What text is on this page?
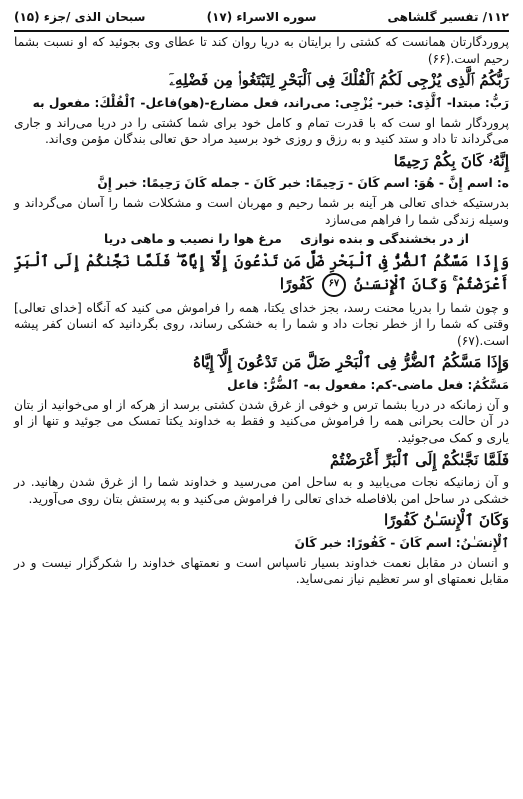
۱۱۲/ تفسیر گلشاهی
سوره الاسراء (۱۷)
سبحان الذی /جزء (۱۵)

پروردگارتان همانست که کشتی را برایتان به دریا روان کند تا عطای وی بجوئید که او نسبت بشما رحیم است.(۶۶)

رَبُّكُمُ ٱلَّذِى يُزْجِى لَكُمُ ٱلْفُلْكَ فِى ٱلْبَحْرِ لِتَبْتَغُوا۟ مِن فَضْلِهِۦٓ

رَبُّ: مبتدا- ٱلَّذِى: خبر- يُزْجِى: می‌راند، فعل مضارع-(هو)فاعل- ٱلْفُلْكَ: مفعول به

پروردگار شما او ست که با قدرت تمام و کامل خود برای شما کشتی را در دریا می‌راند و جاری می‌گرداند تا داد و ستد کنید و به رزق و روزی خود برسید مراد حق تعالی بندگان مؤمن وی‌اند.

إِنَّهُۥ كَانَ بِكُمْ رَحِيمًا

ه: اسم إِنَّ - هُوَ: اسم كَانَ - رَحِيمًا: خبر كَانَ - جمله كَانَ رَحِيمًا: خبر إِنَّ

بدرستیکه خدای تعالی هر آینه بر شما رحیم و مهربان است و مشکلات شما را آسان می‌گرداند و وسیله زندگی شما را فراهم می‌سازد

از در بخشندگی و بنده نوازی
مرغ هوا را نصیب و ماهی دریا
وَإِذَا مَسَّكُمُ ٱلضُّرُّ فِى ٱلْبَحْرِ ضَلَّ مَن تَدْعُونَ إِلَّآ إِيَّاهُ ۖ فَلَمَّا نَجَّىٰكُمْ إِلَى ٱلْبَرِّ أَعْرَضْتُمْ ۚ وَكَانَ ٱلْإِنسَـٰنُ ۶۷ كَفُورًا

و چون شما را بدریا محنت رسد، بجز خدای یکتا، همه را فراموش می کنید که آنگاه [خدای تعالی] وقتی که شما را از خطر نجات داد و شما را به خشکی رساند، روی بگردانید که انسان کفر پیشه است.(۶۷)

وَإِذَا مَسَّكُمُ ٱلضُّرُّ فِى ٱلْبَحْرِ ضَلَّ مَن تَدْعُونَ إِلَّآ إِيَّاهُ

مَسَّكُمُ: فعل ماضی-کم: مفعول به- ٱلضُّرُّ: فاعل

و آن زمانکه در دریا بشما ترس و خوفی از غرق شدن کشتی برسد از هرکه از او می‌خوانید از بتان در آن حالت بحرانی همه را فراموش می‌کنید و فقط به خداوند یکتا تمسک می جوئید و تنها از او یاری و کمک می‌جوئید.

فَلَمَّا نَجَّىٰكُمْ إِلَى ٱلْبَرِّ أَعْرَضْتُمْ

و آن زمانیکه نجات می‌یابید و به ساحل امن می‌رسید و خداوند شما را از غرق شدن رهانید. در خشکی در ساحل امن بلافاصله خدای تعالی را فراموش می‌کنید و به پرستش بتان روی می‌آورید.

وَكَانَ ٱلْإِنسَـٰنُ كَفُورًا

ٱلْإِنسَـٰنُ: اسم كَانَ - كَفُورًا: خبر كَانَ

و انسان در مقابل نعمت خداوند بسیار ناسپاس است و نعمتهای خداوند را شکرگزار نیست و در مقابل نعمتهای او سر تعظیم نیاز نمی‌ساید.
